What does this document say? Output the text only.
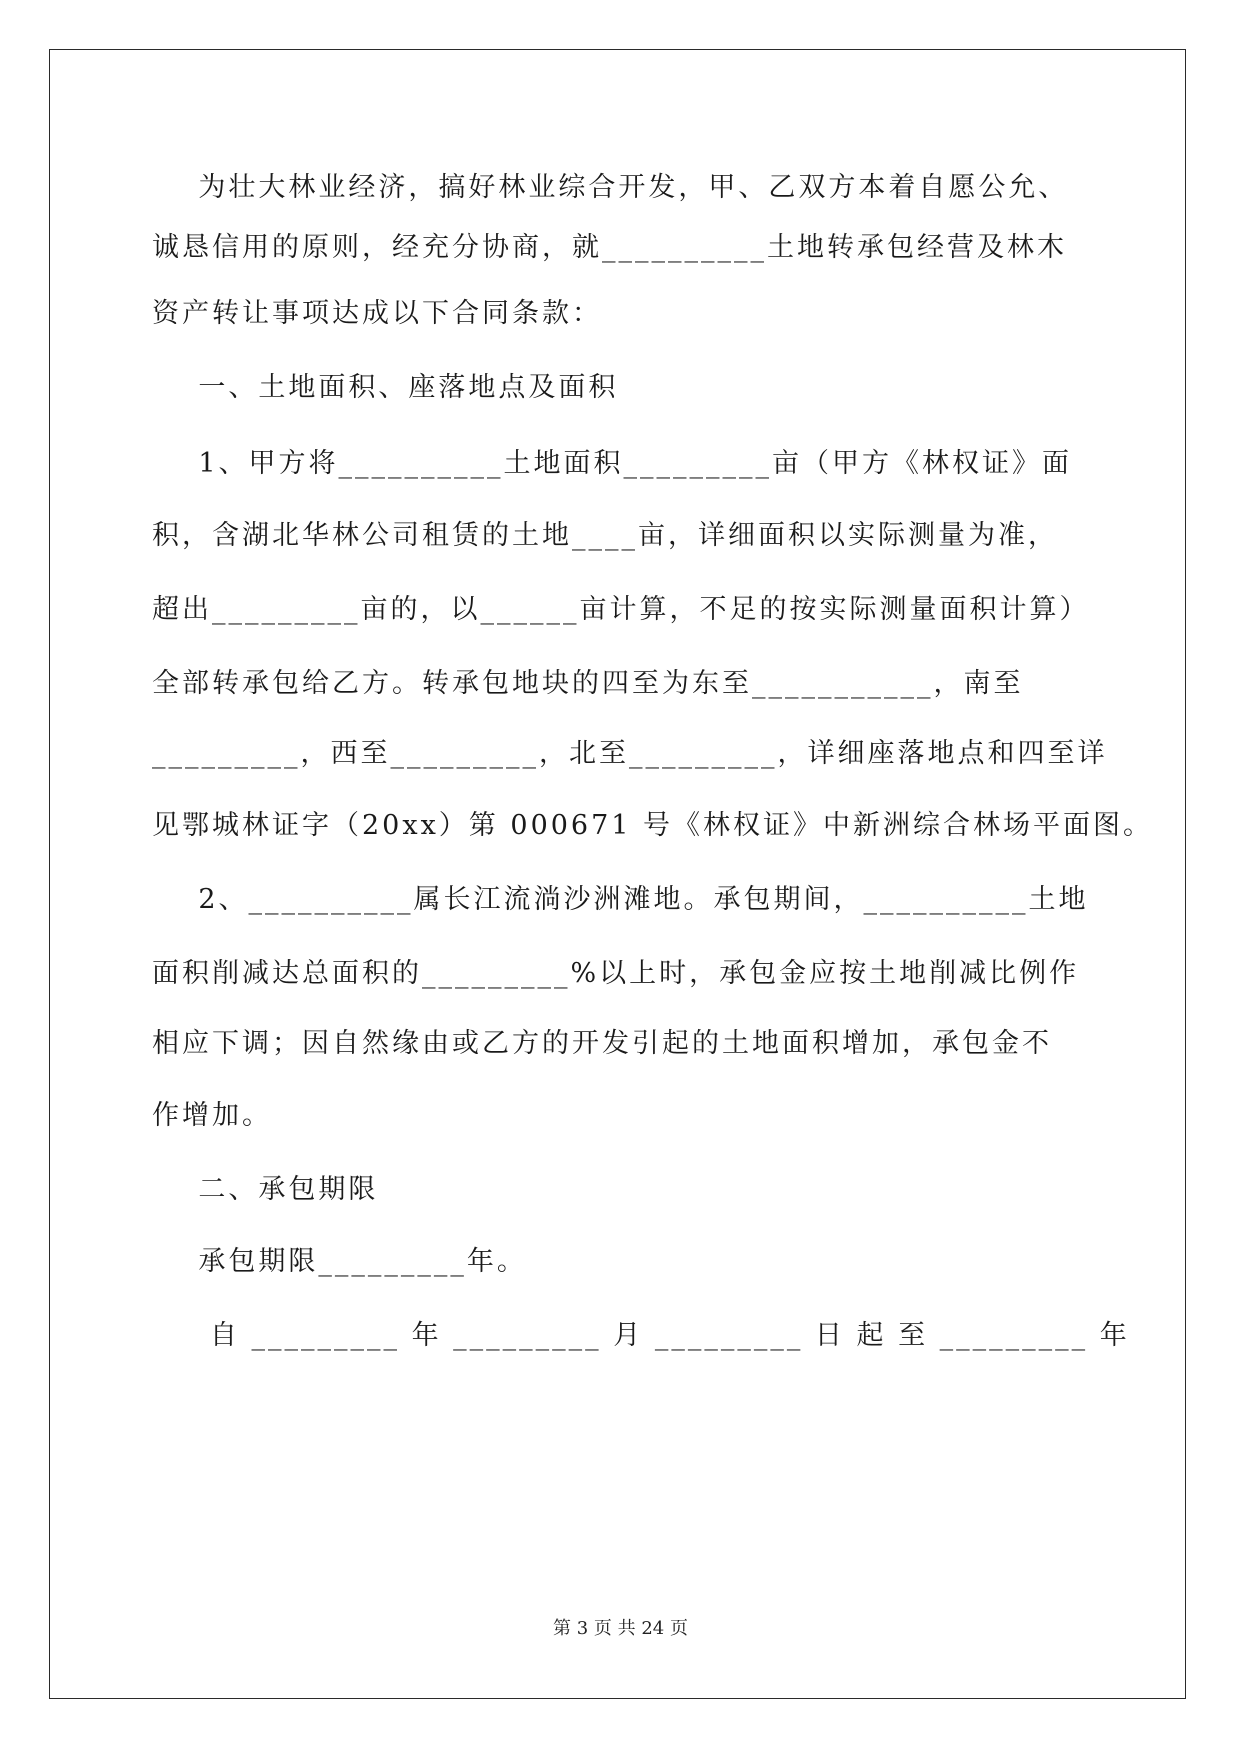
为壮大林业经济，搞好林业综合开发，甲、乙双方本着自愿公允、
诚恳信用的原则，经充分协商，就__________土地转承包经营及林木
资产转让事项达成以下合同条款：
一、土地面积、座落地点及面积
1、甲方将__________土地面积_________亩（甲方《林权证》面
积，含湖北华林公司租赁的土地____亩，详细面积以实际测量为准，
超出_________亩的，以______亩计算，不足的按实际测量面积计算）
全部转承包给乙方。转承包地块的四至为东至___________，南至
_________，西至_________，北至_________，详细座落地点和四至详
见鄂城林证字（20xx）第 000671 号《林权证》中新洲综合林场平面图。
2、__________属长江流淌沙洲滩地。承包期间，__________土地
面积削减达总面积的_________%以上时，承包金应按土地削减比例作
相应下调；因自然缘由或乙方的开发引起的土地面积增加，承包金不
作增加。
二、承包期限
承包期限_________年。
自 _________ 年 _________ 月 _________ 日 起 至 _________ 年
第 3 页 共 24 页
